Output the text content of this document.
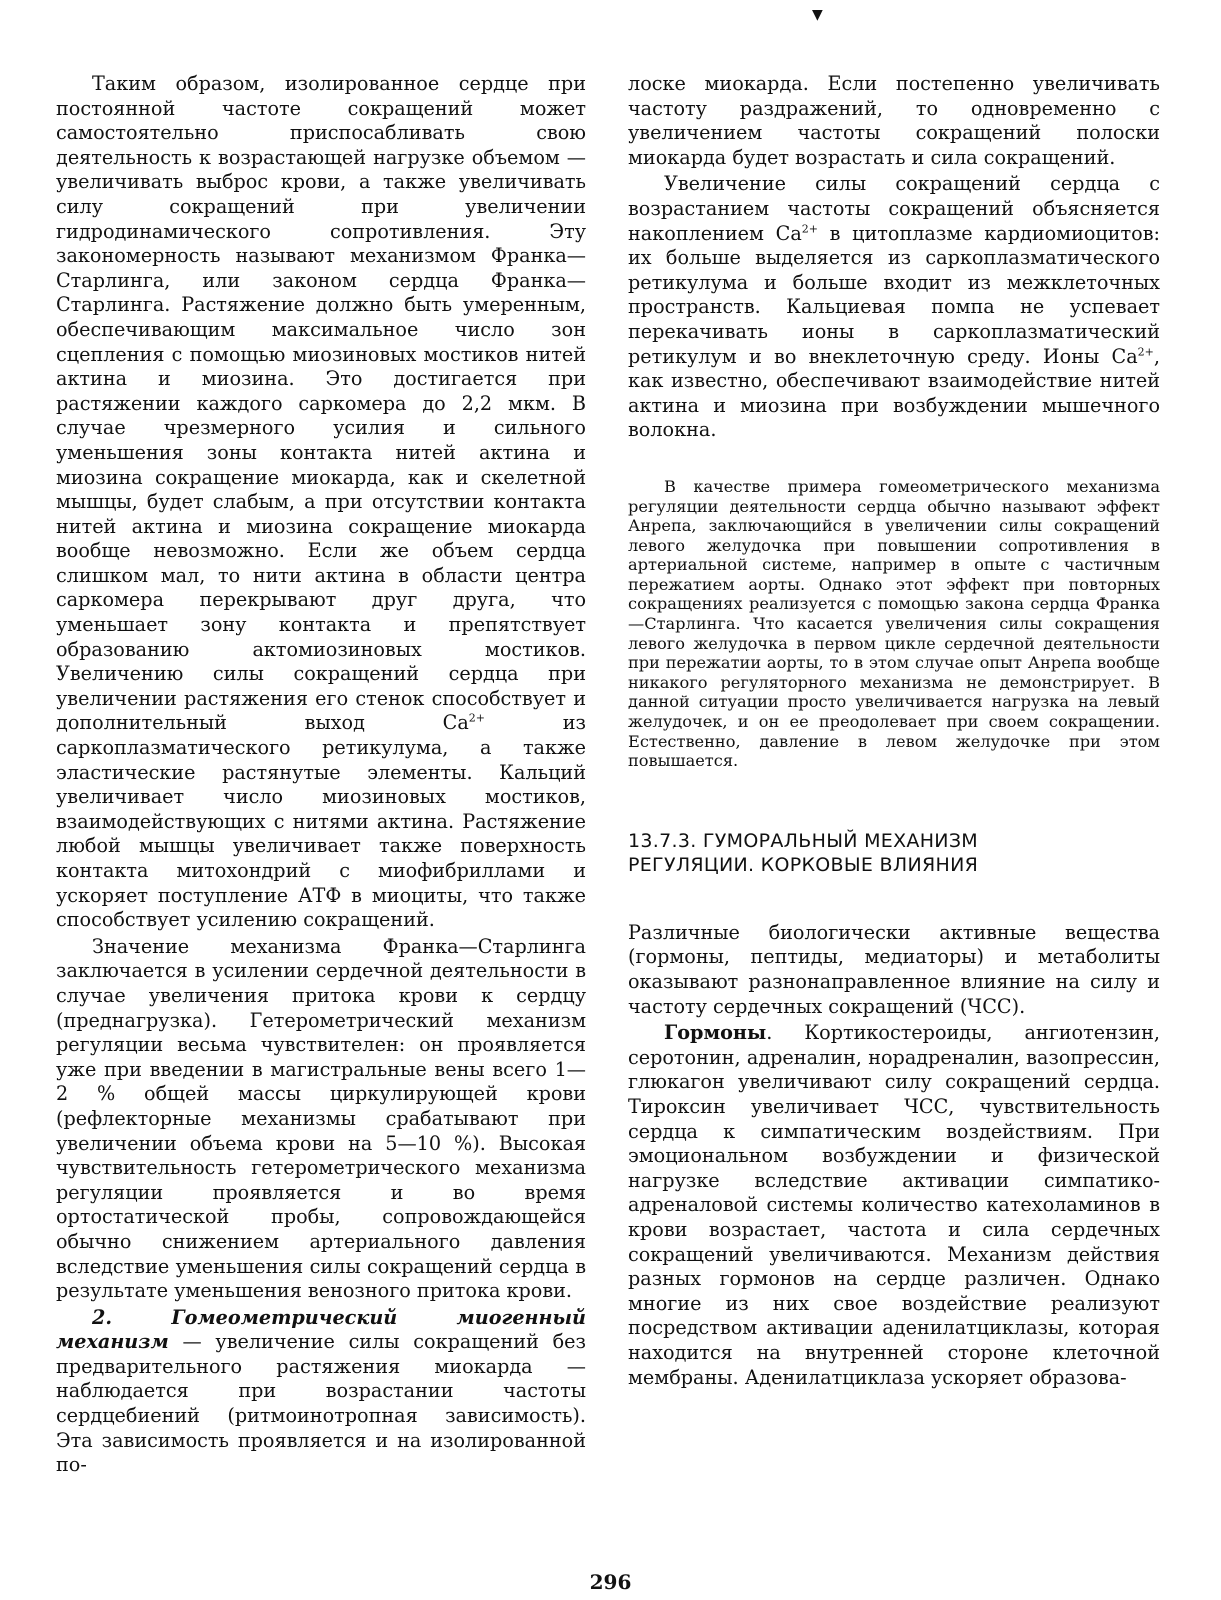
▼

Таким образом, изолированное сердце при постоянной частоте сокращений может самостоятельно приспосабливать свою деятельность к возрастающей нагрузке объемом — увеличивать выброс крови, а также увеличивать силу сокращений при увеличении гидродинамического сопротивления. Эту закономерность называют механизмом Франка—Старлинга, или законом сердца Франка—Старлинга. Растяжение должно быть умеренным, обеспечивающим максимальное число зон сцепления с помощью миозиновых мостиков нитей актина и миозина. Это достигается при растяжении каждого саркомера до 2,2 мкм. В случае чрезмерного усилия и сильного уменьшения зоны контакта нитей актина и миозина сокращение миокарда, как и скелетной мышцы, будет слабым, а при отсутствии контакта нитей актина и миозина сокращение миокарда вообще невозможно. Если же объем сердца слишком мал, то нити актина в области центра саркомера перекрывают друг друга, что уменьшает зону контакта и препятствует образованию актомиозиновых мостиков. Увеличению силы сокращений сердца при увеличении растяжения его стенок способствует и дополнительный выход $Ca^{2+}$ из саркоплазматического ретикулума, а также эластические растянутые элементы. Кальций увеличивает число миозиновых мостиков, взаимодействующих с нитями актина. Растяжение любой мышцы увеличивает также поверхность контакта митохондрий с миофибриллами и ускоряет поступление АТФ в миоциты, что также способствует усилению сокращений.

Значение механизма Франка—Старлинга заключается в усилении сердечной деятельности в случае увеличения притока крови к сердцу (преднагрузка). Гетерометрический механизм регуляции весьма чувствителен: он проявляется уже при введении в магистральные вены всего 1—2 % общей массы циркулирующей крови (рефлекторные механизмы срабатывают при увеличении объема крови на 5—10 %). Высокая чувствительность гетерометрического механизма регуляции проявляется и во время ортостатической пробы, сопровождающейся обычно снижением артериального давления вследствие уменьшения силы сокращений сердца в результате уменьшения венозного притока крови.

2. Гомеометрический миогенный механизм — увеличение силы сокращений без предварительного растяжения миокарда — наблюдается при возрастании частоты сердцебиений (ритмоинотропная зависимость). Эта зависимость проявляется и на изолированной по-

лоске миокарда. Если постепенно увеличивать частоту раздражений, то одновременно с увеличением частоты сокращений полоски миокарда будет возрастать и сила сокращений.

Увеличение силы сокращений сердца с возрастанием частоты сокращений объясняется накоплением $Ca^{2+}$ в цитоплазме кардиомиоцитов: их больше выделяется из саркоплазматического ретикулума и больше входит из межклеточных пространств. Кальциевая помпа не успевает перекачивать ионы в саркоплазматический ретикулум и во внеклеточную среду. Ионы $Ca^{2+}$, как известно, обеспечивают взаимодействие нитей актина и миозина при возбуждении мышечного волокна.

В качестве примера гомеометрического механизма регуляции деятельности сердца обычно называют эффект Анрепа, заключающийся в увеличении силы сокращений левого желудочка при повышении сопротивления в артериальной системе, например в опыте с частичным пережатием аорты. Однако этот эффект при повторных сокращениях реализуется с помощью закона сердца Франка—Старлинга. Что касается увеличения силы сокращения левого желудочка в первом цикле сердечной деятельности при пережатии аорты, то в этом случае опыт Анрепа вообще никакого регуляторного механизма не демонстрирует. В данной ситуации просто увеличивается нагрузка на левый желудочек, и он ее преодолевает при своем сокращении. Естественно, давление в левом желудочке при этом повышается.

13.7.3. ГУМОРАЛЬНЫЙ МЕХАНИЗМ
РЕГУЛЯЦИИ. КОРКОВЫЕ ВЛИЯНИЯ

Различные биологически активные вещества (гормоны, пептиды, медиаторы) и метаболиты оказывают разнонаправленное влияние на силу и частоту сердечных сокращений (ЧСС).

Гормоны. Кортикостероиды, ангиотензин, серотонин, адреналин, норадреналин, вазопрессин, глюкагон увеличивают силу сокращений сердца. Тироксин увеличивает ЧСС, чувствительность сердца к симпатическим воздействиям. При эмоциональном возбуждении и физической нагрузке вследствие активации симпатико-адреналовой системы количество катехоламинов в крови возрастает, частота и сила сердечных сокращений увеличиваются. Механизм действия разных гормонов на сердце различен. Однако многие из них свое воздействие реализуют посредством активации аденилатциклазы, которая находится на внутренней стороне клеточной мембраны. Аденилатциклаза ускоряет образова-

296
